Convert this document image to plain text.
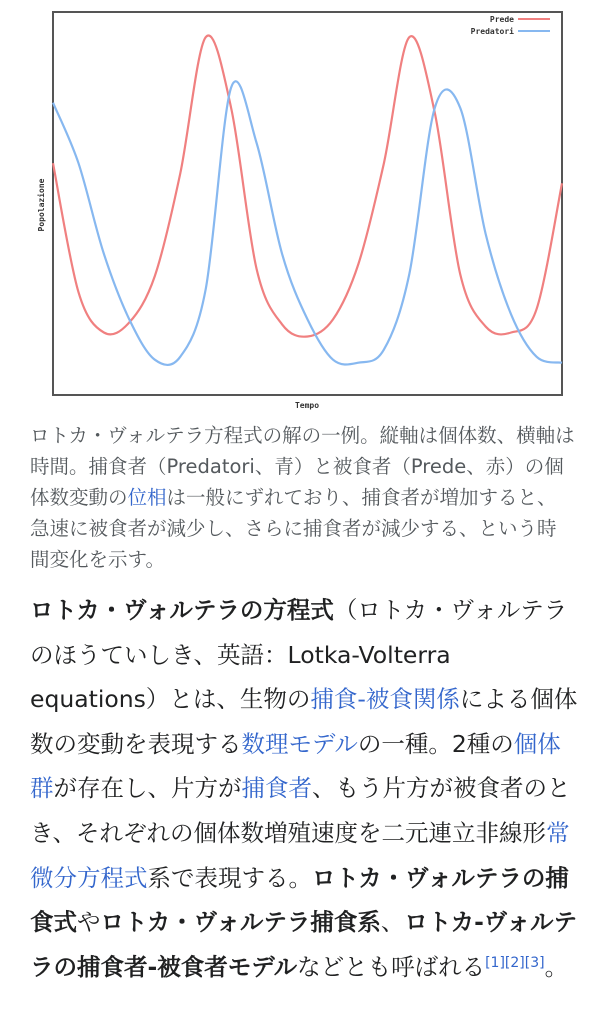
Prede
Predatori
Tempo
Popolazione
ロトカ・ヴォルテラ方程式の解の一例。縦軸は個体数、横軸は時間。捕食者（Predatori、青）と被食者（Prede、赤）の個体数変動の位相は一般にずれており、捕食者が増加すると、急速に被食者が減少し、さらに捕食者が減少する、という時間変化を示す。
ロトカ・ヴォルテラの方程式（ロトカ・ヴォルテラのほうていしき、英語：Lotka-Volterra equations）とは、生物の捕食-被食関係による個体数の変動を表現する数理モデルの一種。2種の個体群が存在し、片方が捕食者、もう片方が被食者のとき、それぞれの個体数増殖速度を二元連立非線形常微分方程式系で表現する。ロトカ・ヴォルテラの捕食式やロトカ・ヴォルテラ捕食系、ロトカ-ヴォルテラの捕食者-被食者モデルなどとも呼ばれる[1][2][3]。
